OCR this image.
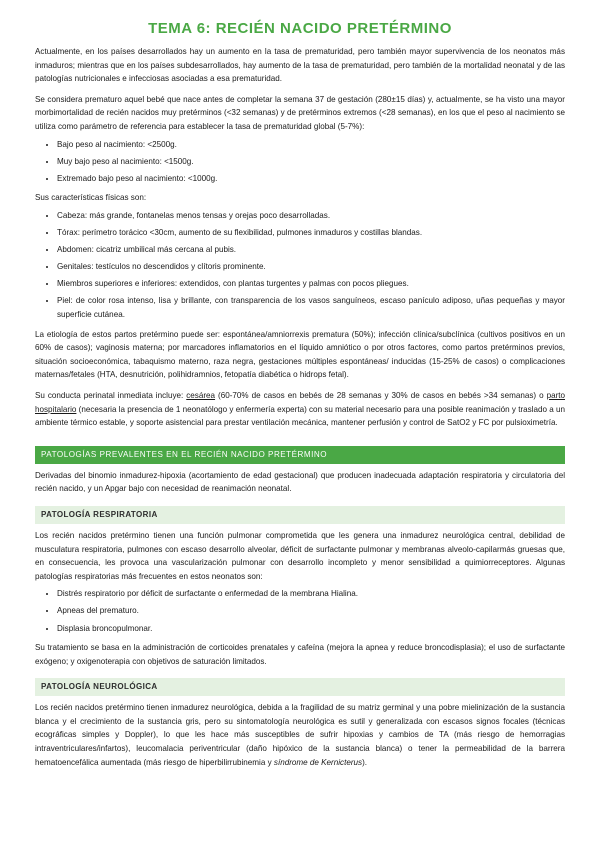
TEMA 6: RECIÉN NACIDO PRETÉRMINO

Actualmente, en los países desarrollados hay un aumento en la tasa de prematuridad, pero también mayor supervivencia de los neonatos más inmaduros; mientras que en los países subdesarrollados, hay aumento de la tasa de prematuridad, pero también de la mortalidad neonatal y de las patologías nutricionales e infecciosas asociadas a esa prematuridad.

Se considera prematuro aquel bebé que nace antes de completar la semana 37 de gestación (280±15 días) y, actualmente, se ha visto una mayor morbimortalidad de recién nacidos muy pretérminos (<32 semanas) y de pretérminos extremos (<28 semanas), en los que el peso al nacimiento se utiliza como parámetro de referencia para establecer la tasa de prematuridad global (5-7%):

• Bajo peso al nacimiento: <2500g.
• Muy bajo peso al nacimiento: <1500g.
• Extremado bajo peso al nacimiento: <1000g.

Sus características físicas son:

• Cabeza: más grande, fontanelas menos tensas y orejas poco desarrolladas.
• Tórax: perímetro torácico <30cm, aumento de su flexibilidad, pulmones inmaduros y costillas blandas.
• Abdomen: cicatriz umbilical más cercana al pubis.
• Genitales: testículos no descendidos y clítoris prominente.
• Miembros superiores e inferiores: extendidos, con plantas turgentes y palmas con pocos pliegues.
• Piel: de color rosa intenso, lisa y brillante, con transparencia de los vasos sanguíneos, escaso panículo adiposo, uñas pequeñas y mayor superficie cutánea.

La etiología de estos partos pretérmino puede ser: espontánea/amniorrexis prematura (50%); infección clínica/subclínica (cultivos positivos en un 60% de casos); vaginosis materna; por marcadores inflamatorios en el líquido amniótico o por otros factores, como partos pretérminos previos, situación socioeconómica, tabaquismo materno, raza negra, gestaciones múltiples espontáneas/ inducidas (15-25% de casos) o complicaciones maternas/fetales (HTA, desnutrición, polihidramnios, fetopatía diabética o hidrops fetal).

Su conducta perinatal inmediata incluye: cesárea (60-70% de casos en bebés de 28 semanas y 30% de casos en bebés >34 semanas) o parto hospitalario (necesaria la presencia de 1 neonatólogo y enfermería experta) con su material necesario para una posible reanimación y traslado a un ambiente térmico estable, y soporte asistencial para prestar ventilación mecánica, mantener perfusión y control de SatO2 y FC por pulsioximetría.

PATOLOGÍAS PREVALENTES EN EL RECIÉN NACIDO PRETÉRMINO

Derivadas del binomio inmadurez-hipoxia (acortamiento de edad gestacional) que producen inadecuada adaptación respiratoria y circulatoria del recién nacido, y un Apgar bajo con necesidad de reanimación neonatal.

PATOLOGÍA RESPIRATORIA

Los recién nacidos pretérmino tienen una función pulmonar comprometida que les genera una inmadurez neurológica central, debilidad de musculatura respiratoria, pulmones con escaso desarrollo alveolar, déficit de surfactante pulmonar y membranas alveolo-capilarmás gruesas que, en consecuencia, les provoca una vascularización pulmonar con desarrollo incompleto y menor sensibilidad a quimiorreceptores. Algunas patologías respiratorias más frecuentes en estos neonatos son:

• Distrés respiratorio por déficit de surfactante o enfermedad de la membrana Hialina.
• Apneas del prematuro.
• Displasia broncopulmonar.

Su tratamiento se basa en la administración de corticoides prenatales y cafeína (mejora la apnea y reduce broncodisplasia); el uso de surfactante exógeno; y oxigenoterapia con objetivos de saturación limitados.

PATOLOGÍA NEUROLÓGICA

Los recién nacidos pretérmino tienen inmadurez neurológica, debida a la fragilidad de su matriz germinal y una pobre mielinización de la sustancia blanca y el crecimiento de la sustancia gris, pero su sintomatología neurológica es sutil y generalizada con escasos signos focales (técnicas ecográficas simples y Doppler), lo que les hace más susceptibles de sufrir hipoxias y cambios de TA (más riesgo de hemorragias intraventriculares/infartos), leucomalacia periventricular (daño hipóxico de la sustancia blanca) o tener la permeabilidad de la barrera hematoencefálica aumentada (más riesgo de hiperbilirrubinemia y síndrome de Kernicterus).
